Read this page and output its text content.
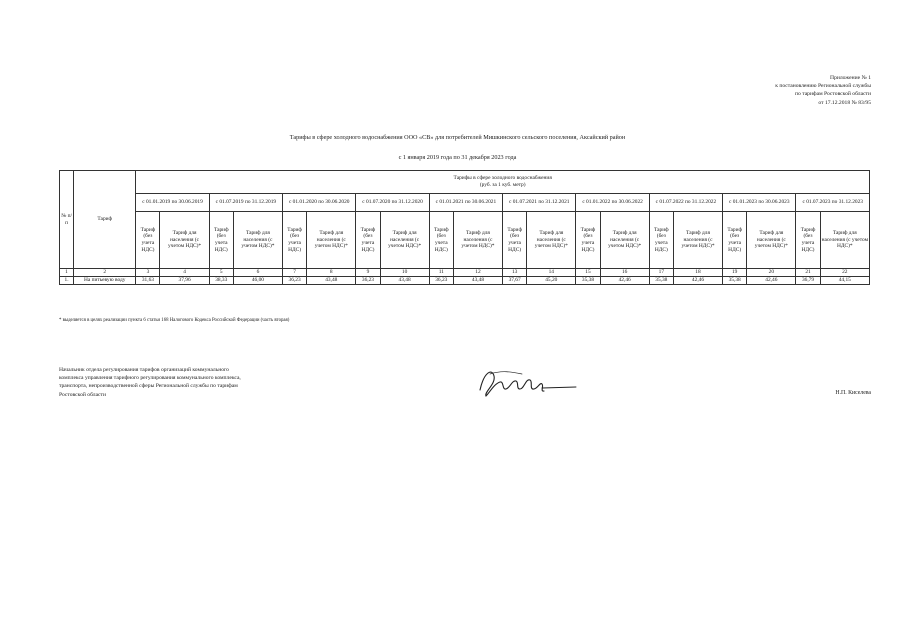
Приложение № 1
к постановлению Региональной службы
по тарифам Ростовской области
от 17.12.2018 № 83/95
Тарифы в сфере холодного водоснабжения ООО «СВ» для потребителей Мишкинского сельского поселения, Аксайский район
с 1 января 2019 года по 31 декабря 2023 года
№ п/п	Тариф	Тарифы в сфере холодного водоснабжения
(руб. за 1 куб. метр)																			

		с 01.01.2019 по 30.06.2019		с 01.07.2019 по 31.12.2019		с 01.01.2020 по 30.06.2020		с 01.07.2020 по 31.12.2020		с 01.01.2021 по 30.06.2021		с 01.07.2021 по 31.12.2021		с 01.01.2022 по 30.06.2022		с 01.07.2022 по 31.12.2022		с 01.01.2023 по 30.06.2023		с 01.07.2023 по 31.12.2023	
		Тариф (без учета НДС)	Тариф для населения (с учетом НДС)*	Тариф (без учета НДС)	Тариф для населения (с учетом НДС)*	Тариф (без учета НДС)	Тариф для населения (с учетом НДС)*	Тариф (без учета НДС)	Тариф для населения (с учетом НДС)*	Тариф (без учета НДС)	Тариф для населения (с учетом НДС)*	Тариф (без учета НДС)	Тариф для населения (с учетом НДС)*	Тариф (без учета НДС)	Тариф для населения (с учетом НДС)*	Тариф (без учета НДС)	Тариф для населения (с учетом НДС)*	Тариф (без учета НДС)	Тариф для населения (с учетом НДС)*	Тариф (без учета НДС)	Тариф для населения (с учетом НДС)*
1	2	3	4	5	6	7	8	9	10	11	12	13	14	15	16	17	18	19	20	21	22
1.	На питьевую воду	31,63	37,96	38,33	46,00	36,23	43,48	36,23	43,48	36,23	43,48	37,67	45,20	35,38	42,46	35,38	42,46	35,38	42,46	36,79	44,15
* выделяется в целях реализации пункта 6 статьи 168 Налогового Кодекса Российской Федерации (часть вторая)
Начальник отдела регулирования тарифов организаций коммунального
комплекса управления тарифного регулирования коммунального комплекса,
транспорта, непроизводственной сферы Региональной службы по тарифам
Ростовской области	Н.П. Киселева
